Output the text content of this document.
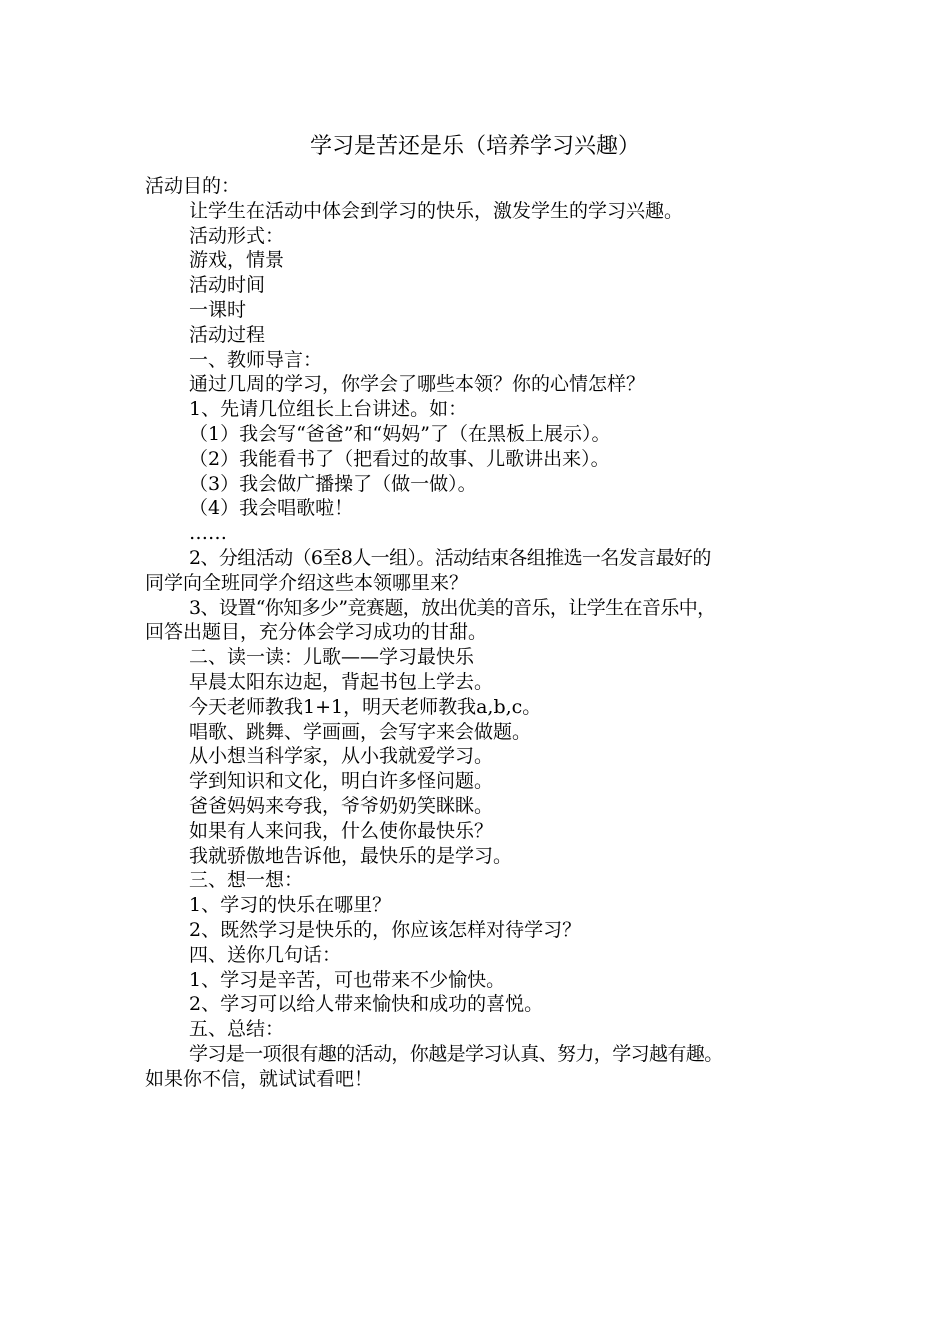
学习是苦还是乐（培养学习兴趣）
活动目的：
让学生在活动中体会到学习的快乐，激发学生的学习兴趣。
活动形式：
游戏，情景
活动时间
一课时
活动过程
一、教师导言：
通过几周的学习，你学会了哪些本领？你的心情怎样？
1、先请几位组长上台讲述。如：
（1）我会写“爸爸”和“妈妈”了（在黑板上展示）。
（2）我能看书了（把看过的故事、儿歌讲出来）。
（3）我会做广播操了（做一做）。
（4）我会唱歌啦！
……
2、分组活动（6至8人一组）。活动结束各组推选一名发言最好的
同学向全班同学介绍这些本领哪里来？
3、设置“你知多少”竞赛题，放出优美的音乐，让学生在音乐中，
回答出题目，充分体会学习成功的甘甜。
二、读一读：儿歌——学习最快乐
早晨太阳东边起，背起书包上学去。
今天老师教我1+1，明天老师教我a,b,c。
唱歌、跳舞、学画画，会写字来会做题。
从小想当科学家，从小我就爱学习。
学到知识和文化，明白许多怪问题。
爸爸妈妈来夸我，爷爷奶奶笑眯眯。
如果有人来问我，什么使你最快乐？
我就骄傲地告诉他，最快乐的是学习。
三、想一想：
1、学习的快乐在哪里？
2、既然学习是快乐的，你应该怎样对待学习？
四、送你几句话：
1、学习是辛苦，可也带来不少愉快。
2、学习可以给人带来愉快和成功的喜悦。
五、总结：
学习是一项很有趣的活动，你越是学习认真、努力，学习越有趣。
如果你不信，就试试看吧！
